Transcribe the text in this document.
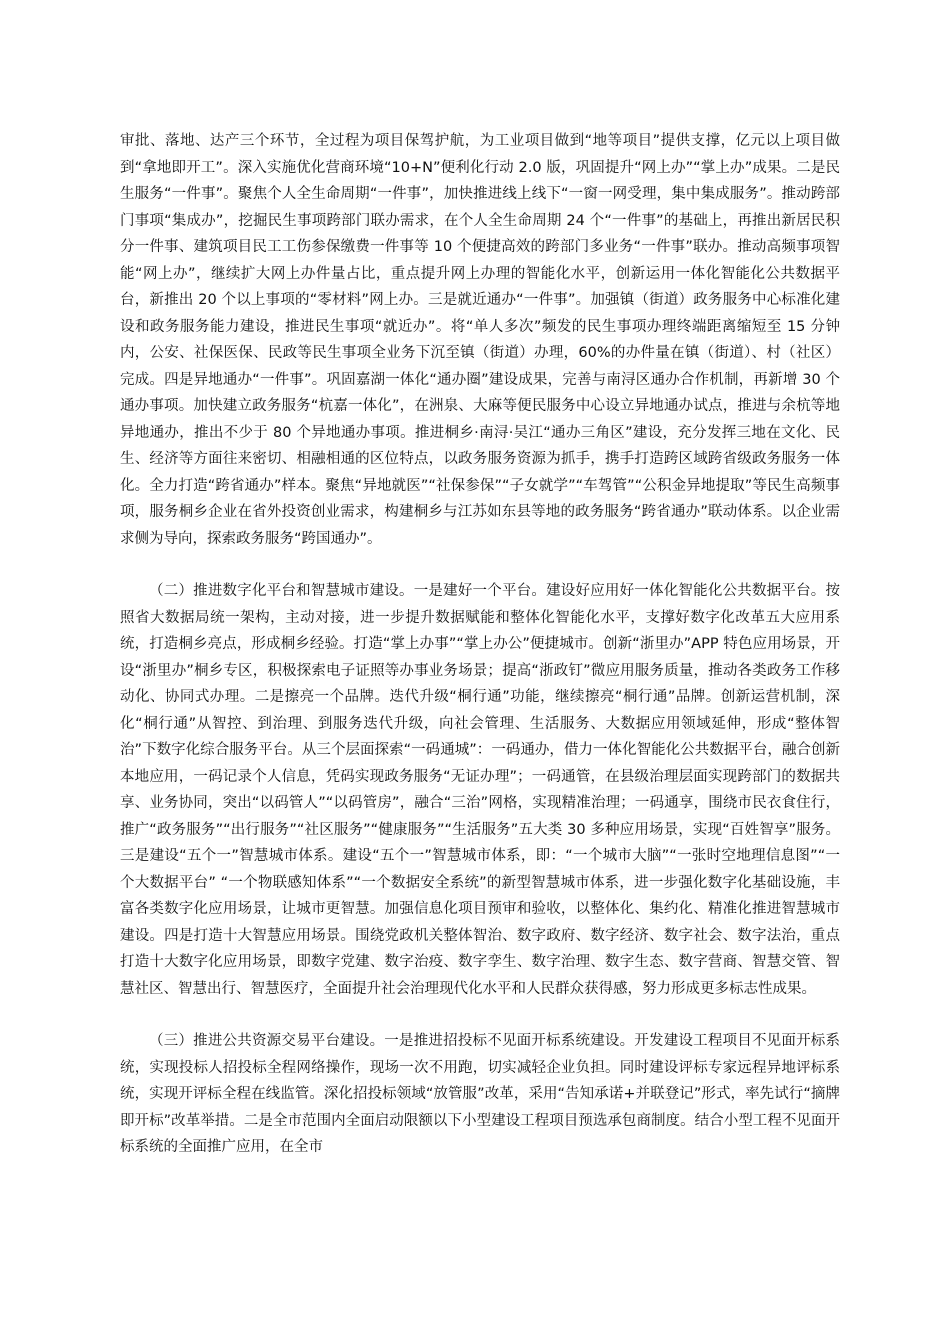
审批、落地、达产三个环节，全过程为项目保驾护航，为工业项目做到“地等项目”提供支撑，亿元以上项目做到“拿地即开工”。深入实施优化营商环境“10+N”便利化行动 2.0 版，巩固提升“网上办”“掌上办”成果。二是民生服务“一件事”。聚焦个人全生命周期“一件事”，加快推进线上线下“一窗一网受理，集中集成服务”。推动跨部门事项“集成办”，挖掘民生事项跨部门联办需求，在个人全生命周期 24 个“一件事”的基础上，再推出新居民积分一件事、建筑项目民工工伤参保缴费一件事等 10 个便捷高效的跨部门多业务“一件事”联办。推动高频事项智能“网上办”，继续扩大网上办件量占比，重点提升网上办理的智能化水平，创新运用一体化智能化公共数据平台，新推出 20 个以上事项的“零材料”网上办。三是就近通办“一件事”。加强镇（街道）政务服务中心标准化建设和政务服务能力建设，推进民生事项“就近办”。将“单人多次”频发的民生事项办理终端距离缩短至 15 分钟内，公安、社保医保、民政等民生事项全业务下沉至镇（街道）办理，60%的办件量在镇（街道）、村（社区）完成。四是异地通办“一件事”。巩固嘉湖一体化“通办圈”建设成果，完善与南浔区通办合作机制，再新增 30 个通办事项。加快建立政务服务“杭嘉一体化”，在洲泉、大麻等便民服务中心设立异地通办试点，推进与余杭等地异地通办，推出不少于 80 个异地通办事项。推进桐乡·南浔·吴江“通办三角区”建设，充分发挥三地在文化、民生、经济等方面往来密切、相融相通的区位特点，以政务服务资源为抓手，携手打造跨区域跨省级政务服务一体化。全力打造“跨省通办”样本。聚焦“异地就医”“社保参保”“子女就学”“车驾管”“公积金异地提取”等民生高频事项，服务桐乡企业在省外投资创业需求，构建桐乡与江苏如东县等地的政务服务“跨省通办”联动体系。以企业需求侧为导向，探索政务服务“跨国通办”。

（二）推进数字化平台和智慧城市建设。一是建好一个平台。建设好应用好一体化智能化公共数据平台。按照省大数据局统一架构，主动对接，进一步提升数据赋能和整体化智能化水平，支撑好数字化改革五大应用系统，打造桐乡亮点，形成桐乡经验。打造“掌上办事”“掌上办公”便捷城市。创新“浙里办”APP 特色应用场景，开设“浙里办”桐乡专区，积极探索电子证照等办事业务场景；提高“浙政钉”微应用服务质量，推动各类政务工作移动化、协同式办理。二是擦亮一个品牌。迭代升级“桐行通”功能，继续擦亮“桐行通”品牌。创新运营机制，深化“桐行通”从智控、到治理、到服务迭代升级，向社会管理、生活服务、大数据应用领域延伸，形成“整体智治”下数字化综合服务平台。从三个层面探索“一码通城”：一码通办，借力一体化智能化公共数据平台，融合创新本地应用，一码记录个人信息，凭码实现政务服务“无证办理”；一码通管，在县级治理层面实现跨部门的数据共享、业务协同，突出“以码管人”“以码管房”，融合“三治”网格，实现精准治理；一码通享，围绕市民衣食住行，推广“政务服务”“出行服务”“社区服务”“健康服务”“生活服务”五大类 30 多种应用场景，实现“百姓智享”服务。三是建设“五个一”智慧城市体系。建设“五个一”智慧城市体系，即：“一个城市大脑”“一张时空地理信息图”“一个大数据平台” “一个物联感知体系”“一个数据安全系统”的新型智慧城市体系，进一步强化数字化基础设施，丰富各类数字化应用场景，让城市更智慧。加强信息化项目预审和验收，以整体化、集约化、精准化推进智慧城市建设。四是打造十大智慧应用场景。围绕党政机关整体智治、数字政府、数字经济、数字社会、数字法治，重点打造十大数字化应用场景，即数字党建、数字治疫、数字孪生、数字治理、数字生态、数字营商、智慧交管、智慧社区、智慧出行、智慧医疗，全面提升社会治理现代化水平和人民群众获得感，努力形成更多标志性成果。

（三）推进公共资源交易平台建设。一是推进招投标不见面开标系统建设。开发建设工程项目不见面开标系统，实现投标人招投标全程网络操作，现场一次不用跑，切实减轻企业负担。同时建设评标专家远程异地评标系统，实现开评标全程在线监管。深化招投标领域“放管服”改革，采用“告知承诺+并联登记”形式，率先试行“摘牌即开标”改革举措。二是全市范围内全面启动限额以下小型建设工程项目预选承包商制度。结合小型工程不见面开标系统的全面推广应用，在全市
